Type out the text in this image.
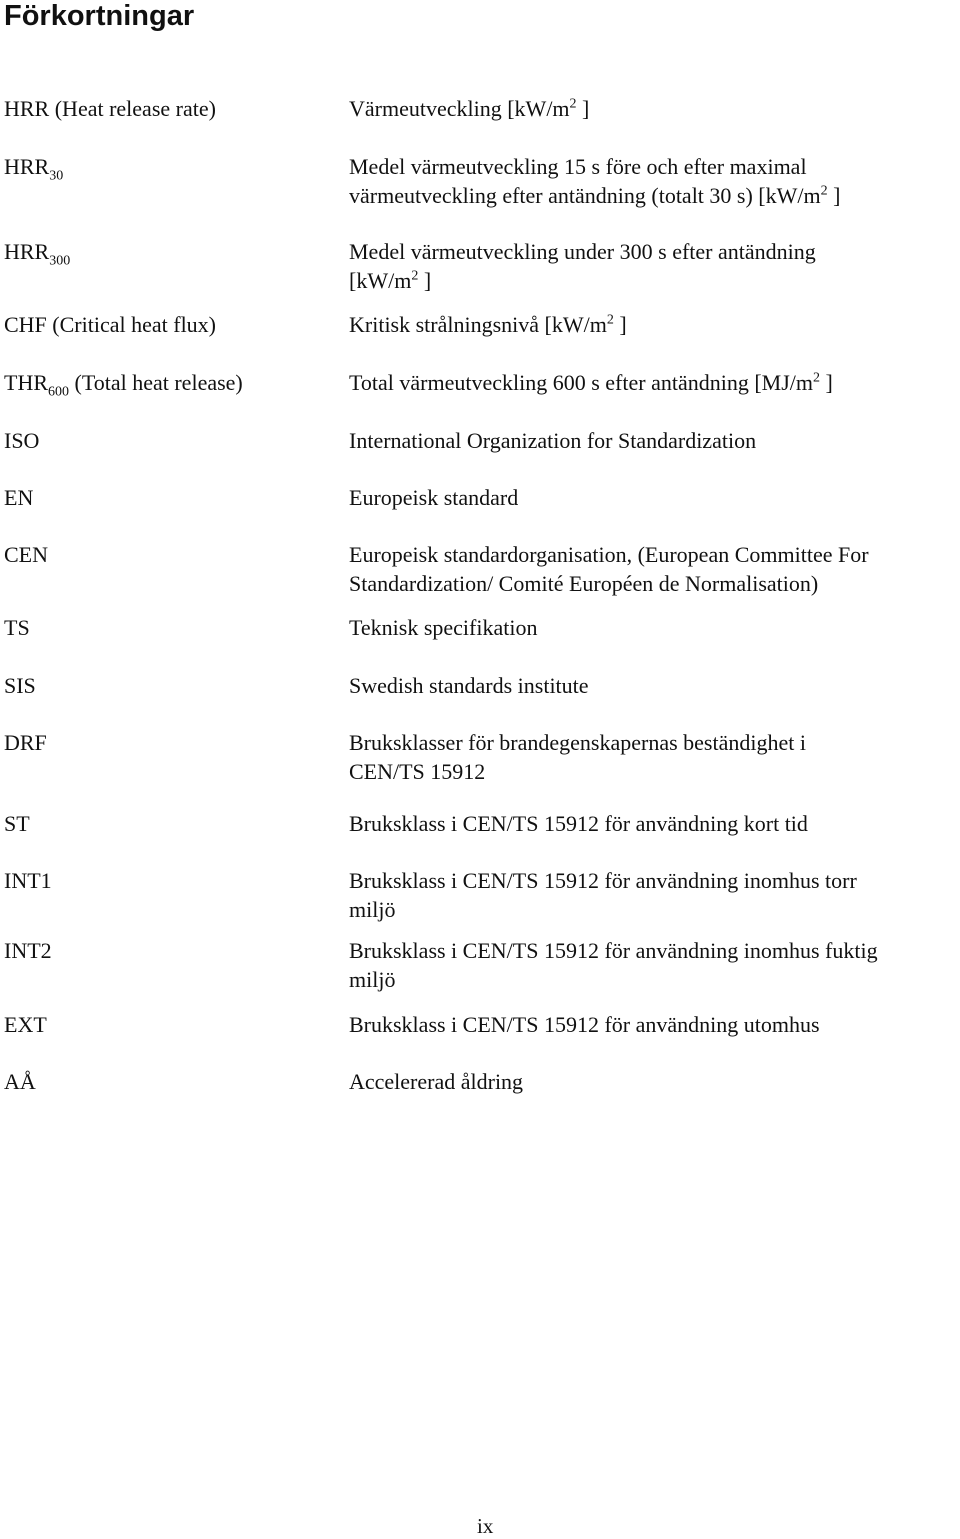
Förkortningar
HRR (Heat release rate)	Värmeutveckling [$kW/m^2$ ]
$HRR_{30}$	Medel värmeutveckling 15 s före och efter maximal
värmeutveckling efter antändning (totalt 30 s) [$kW/m^2$ ]
$HRR_{300}$	Medel värmeutveckling under 300 s efter antändning
[$kW/m^2$ ]
CHF (Critical heat flux)	Kritisk strålningsnivå [$kW/m^2$ ]
$THR_{600}$ (Total heat release)	Total värmeutveckling 600 s efter antändning [$MJ/m^2$ ]
ISO	International Organization for Standardization
EN	Europeisk standard
CEN	Europeisk standardorganisation, (European Committee For
Standardization/ Comité Européen de Normalisation)
TS	Teknisk specifikation
SIS	Swedish standards institute
DRF	Bruksklasser för brandegenskapernas beständighet i
CEN/TS 15912
ST	Bruksklass i CEN/TS 15912 för användning kort tid
INT1	Bruksklass i CEN/TS 15912 för användning inomhus torr
miljö
INT2	Bruksklass i CEN/TS 15912 för användning inomhus fuktig
miljö
EXT	Bruksklass i CEN/TS 15912 för användning utomhus
AÅ	Accelererad åldring
ix
